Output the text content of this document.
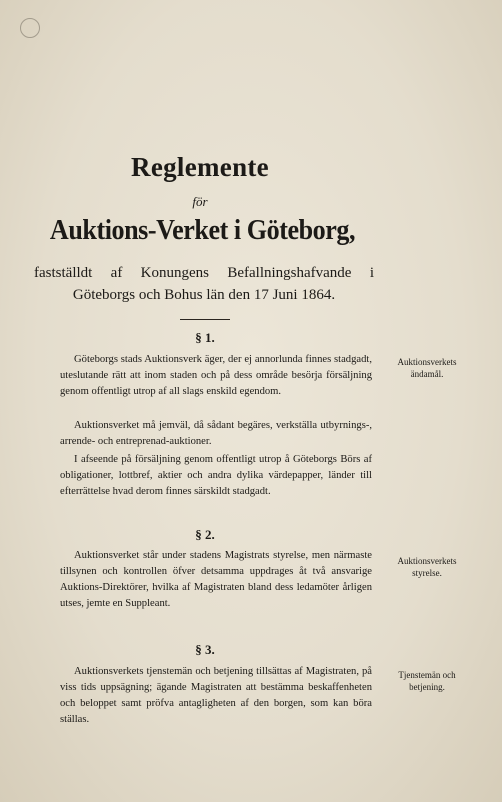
Reglemente
för
Auktions-Verket i Göteborg,
fastställdt af Konungens Befallningshafvande i Göteborgs och Bohus län den 17 Juni 1864.
§ 1.

Göteborgs stads Auktionsverk äger, der ej annorlunda finnes stadgadt, uteslutande rätt att inom staden och på dess område besörja försäljning genom offentligt utrop af all slags enskild egendom.

Auktionsverket må jemväl, då sådant begäres, verkställa utbyrnings-, arrende- och entreprenad-auktioner.

I afseende på försäljning genom offentligt utrop å Göteborgs Börs af obligationer, lottbref, aktier och andra dylika värdepapper, länder till efterrättelse hvad derom finnes särskildt stadgadt.

Auktionsverkets ändamål.
§ 2.

Auktionsverket står under stadens Magistrats styrelse, men närmaste tillsynen och kontrollen öfver detsamma uppdrages åt två ansvarige Auktions-Direktörer, hvilka af Magistraten bland dess ledamöter årligen utses, jemte en Suppleant.

Auktionsverkets styrelse.
§ 3.

Auktionsverkets tjenstemän och betjening tillsättas af Magistraten, på viss tids uppsägning; ägande Magistraten att bestämma beskaffenheten och beloppet samt pröfva antagligheten af den borgen, som kan böra ställas.

Tjenstemän och betjening.
